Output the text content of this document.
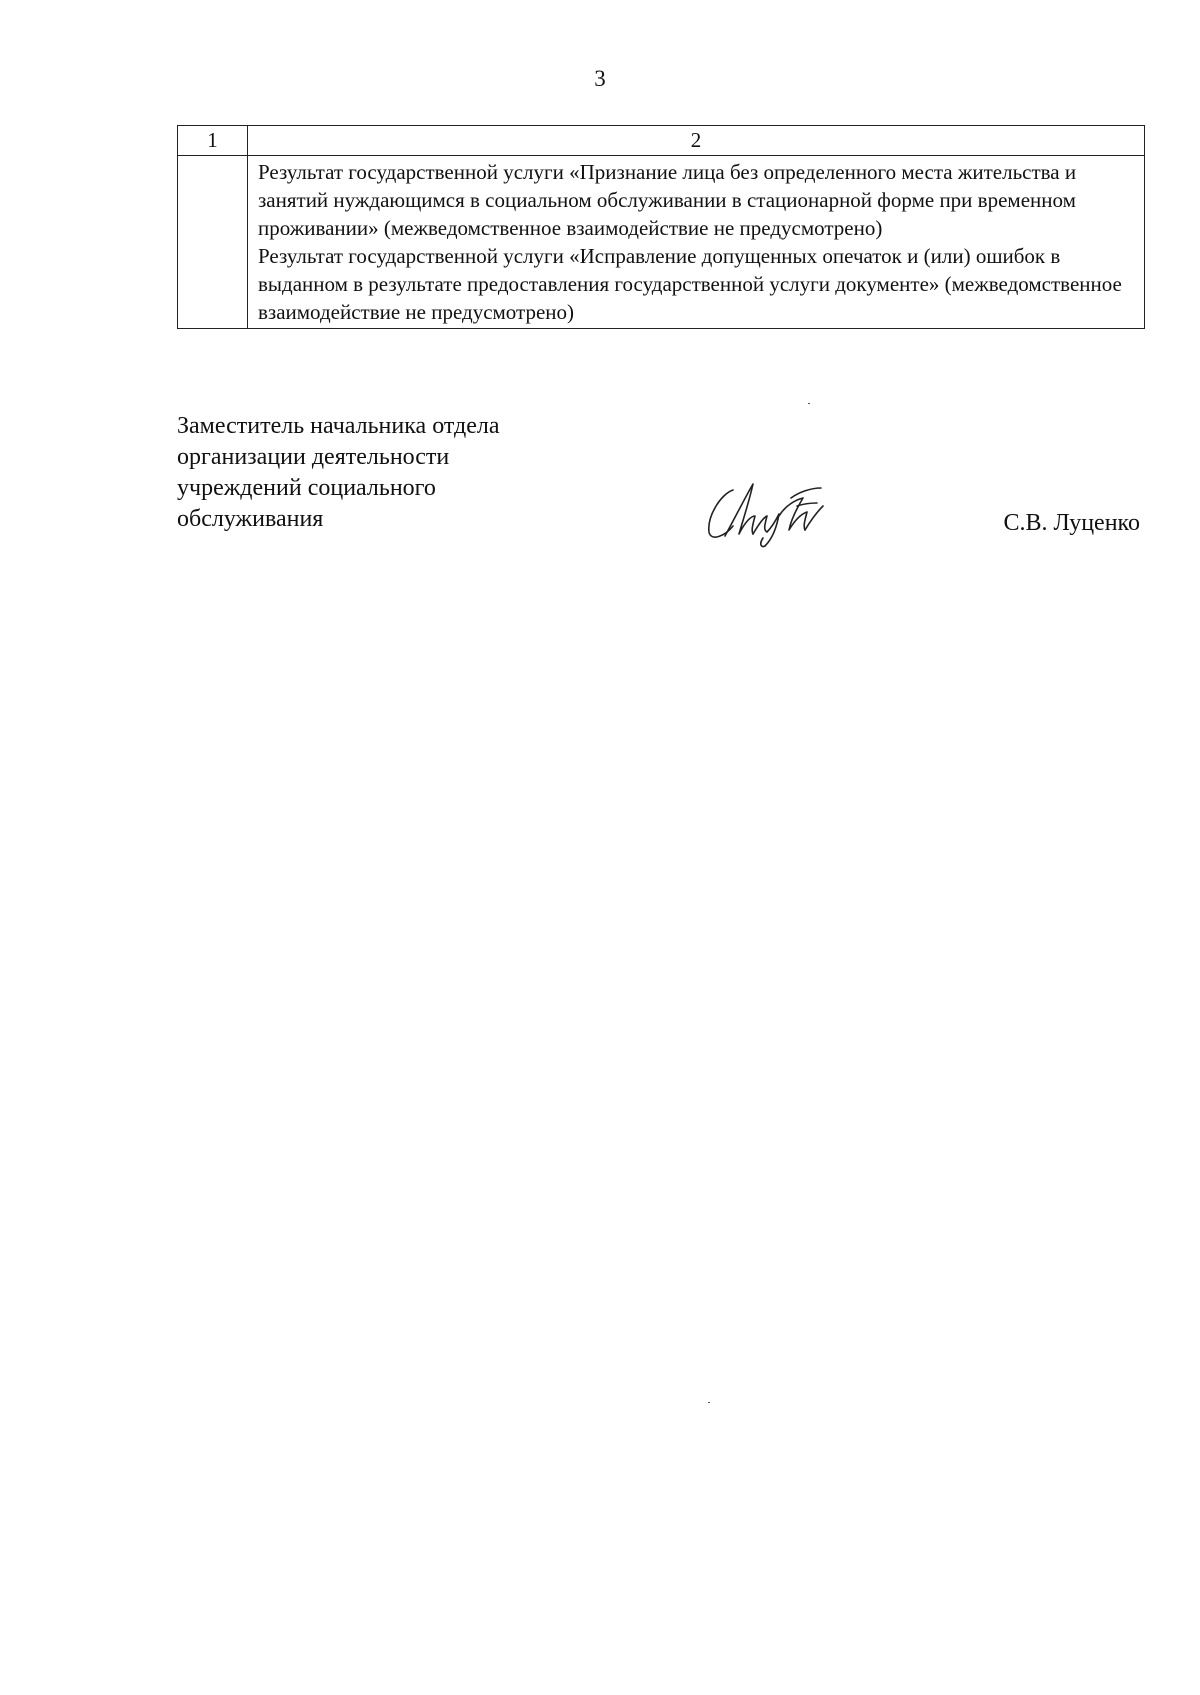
3
1	2

	Результат государственной услуги «Признание лица без определенного места жительства и занятий нуждающимся в социальном обслуживании в стационарной форме при временном проживании» (межведомственное взаимодействие не предусмотрено)

Результат государственной услуги «Исправление допущенных опечаток и (или) ошибок в выданном в результате предоставления государственной услуги документе» (межведомственное взаимодействие не предусмотрено)

Заместитель начальника отдела
организации деятельности
учреждений социального
обслуживания	С.В. Луценко
